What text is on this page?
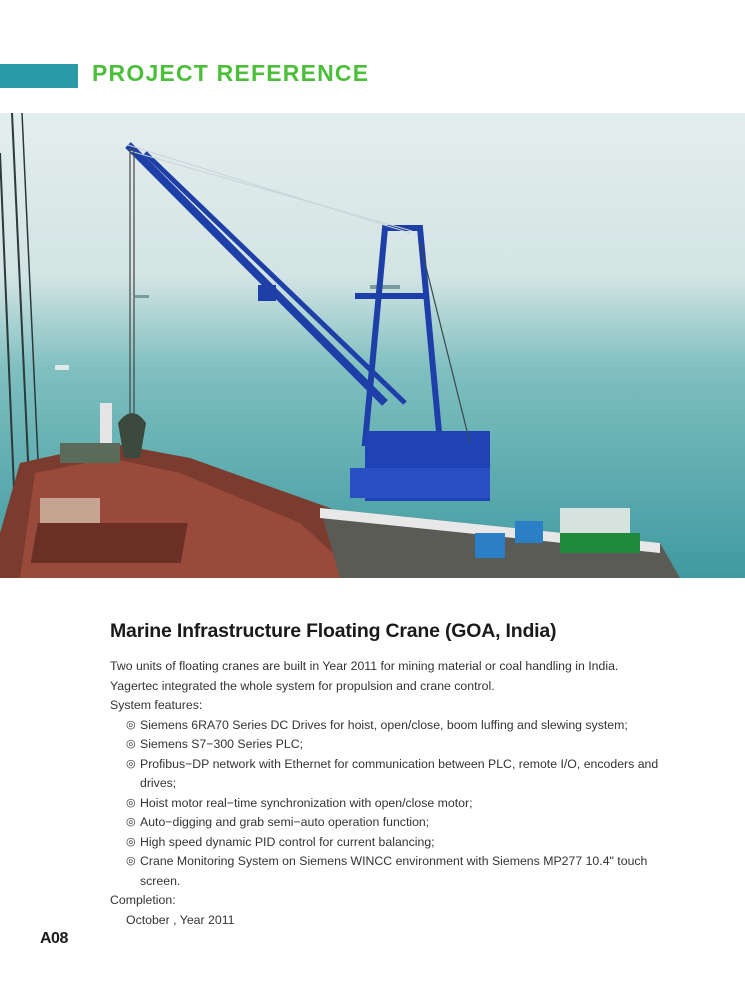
PROJECT REFERENCE
Marine Infrastructure Floating Crane (GOA, India)

Two units of floating cranes are built in Year 2011 for mining material or coal handling in India.

Yagertec integrated the whole system for propulsion and crane control.

System features:

◎ Siemens 6RA70 Series DC Drives for hoist, open/close, boom luffing and slewing system;
◎ Siemens S7−300 Series PLC;
◎ Profibus−DP network with Ethernet for communication between PLC, remote I/O, encoders and drives;
◎ Hoist motor real−time synchronization with open/close motor;
◎ Auto−digging and grab semi−auto operation function;
◎ High speed dynamic PID control for current balancing;
◎ Crane Monitoring System on Siemens WINCC environment with Siemens MP277 10.4" touch screen.

Completion:

October , Year 2011

A08
